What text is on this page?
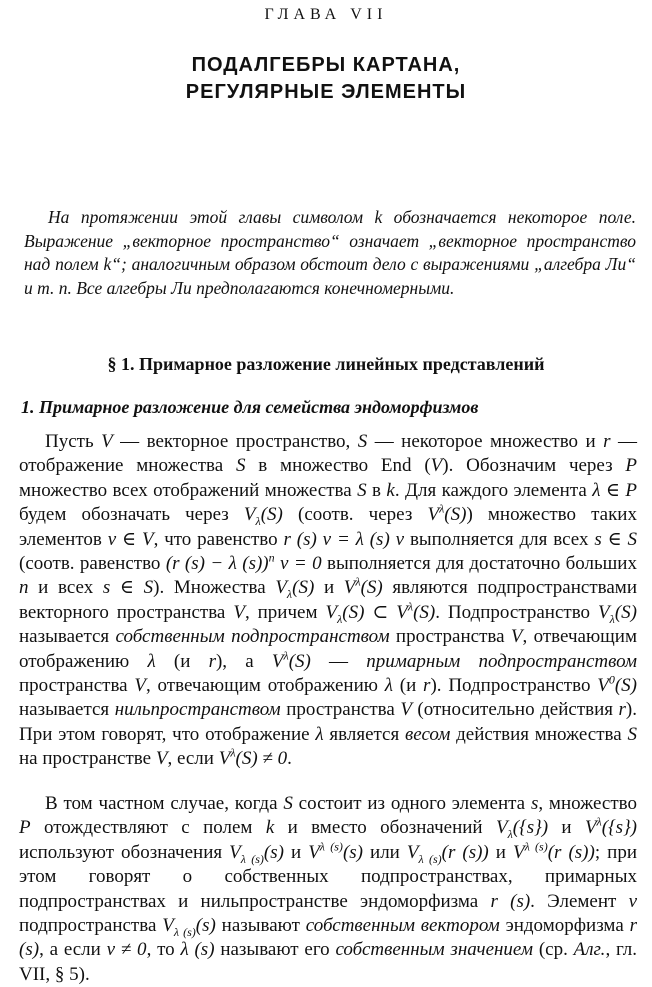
ГЛАВА VII
ПОДАЛГЕБРЫ КАРТАНА,
РЕГУЛЯРНЫЕ ЭЛЕМЕНТЫ
На протяжении этой главы символом k обозначается некоторое поле. Выражение „векторное пространство“ означает „векторное пространство над полем k“; аналогичным образом обстоит дело с выражениями „алгебра Ли“ и т. п. Все алгебры Ли предполагаются конечномерными.
§ 1. Примарное разложение линейных представлений
1. Примарное разложение для семейства эндоморфизмов

Пусть V — векторное пространство, S — некоторое множество и r — отображение множества S в множество End (V). Обозначим через P множество всех отображений множества S в k. Для каждого элемента λ ∈ P будем обозначать через $V_\lambda(S)$ (соотв. через $V^\lambda(S)$) множество таких элементов v ∈ V, что равенство r (s) v = λ (s) v выполняется для всех s ∈ S (соотв. равенство (r (s) − λ (s))$^n$ v = 0 выполняется для достаточно больших n и всех s ∈ S). Множества $V_\lambda(S)$ и $V^\lambda(S)$ являются подпространствами векторного пространства V, причем $V_\lambda(S)$ ⊂ $V^\lambda(S)$. Подпространство $V_\lambda(S)$ называется собственным подпространством пространства V, отвечающим отображению λ (и r), а $V^\lambda(S)$ — примарным подпространством пространства V, отвечающим отображению λ (и r). Подпространство $V^0(S)$ называется нильпространством пространства V (относительно действия r). При этом говорят, что отображение λ является весом действия множества S на пространстве V, если $V^\lambda(S) \ne 0$.

В том частном случае, когда S состоит из одного элемента s, множество P отождествляют с полем k и вместо обозначений $V_\lambda(\{s\})$ и $V^\lambda(\{s\})$ используют обозначения $V_{\lambda (s)}(s)$ и $V^{\lambda (s)}(s)$ или $V_{\lambda (s)}(r$ (s)) и $V^{\lambda (s)}(r$ (s)); при этом говорят о собственных подпространствах, примарных подпространствах и нильпространстве эндоморфизма r (s). Элемент v подпространства $V_{\lambda (s)}(s)$ называют собственным вектором эндоморфизма r (s), а если v ≠ 0, то λ (s) называют его собственным значением (ср. Алг., гл. VII, § 5).
